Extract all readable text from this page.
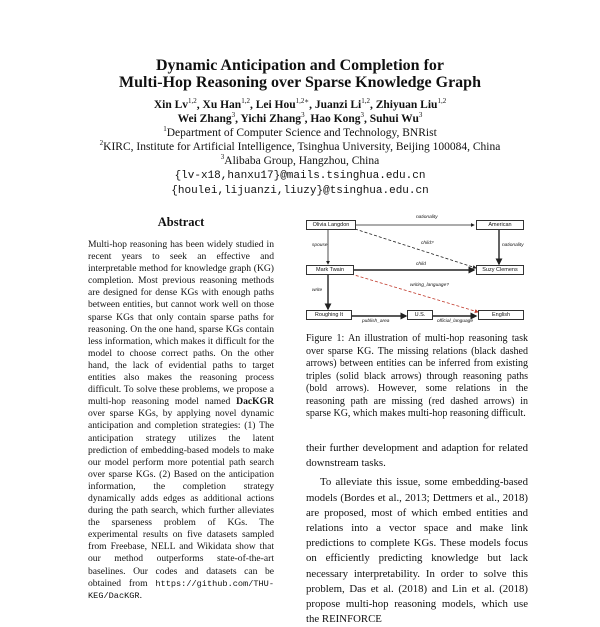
Dynamic Anticipation and Completion for
Multi-Hop Reasoning over Sparse Knowledge Graph
Xin Lv$^{1,2}$, Xu Han$^{1,2}$, Lei Hou$^{1,2∗}$, Juanzi Li$^{1,2}$, Zhiyuan Liu$^{1,2}$
Wei Zhang$^3$, Yichi Zhang$^3$, Hao Kong$^3$, Suhui Wu$^3$
$^1$Department of Computer Science and Technology, BNRist
$^2$KIRC, Institute for Artificial Intelligence, Tsinghua University, Beijing 100084, China
$^3$Alibaba Group, Hangzhou, China
{lv-x18,hanxu17}@mails.tsinghua.edu.cn
{houlei,lijuanzi,liuzy}@tsinghua.edu.cn
Abstract

Multi-hop reasoning has been widely studied in recent years to seek an effective and interpretable method for knowledge graph (KG) completion. Most previous reasoning methods are designed for dense KGs with enough paths between entities, but cannot work well on those sparse KGs that only contain sparse paths for reasoning. On the one hand, sparse KGs contain less information, which makes it difficult for the model to choose correct paths. On the other hand, the lack of evidential paths to target entities also makes the reasoning process difficult. To solve these problems, we propose a multi-hop reasoning model named DacKGR over sparse KGs, by applying novel dynamic anticipation and completion strategies: (1) The anticipation strategy utilizes the latent prediction of embedding-based models to make our model perform more potential path search over sparse KGs. (2) Based on the anticipation information, the completion strategy dynamically adds edges as additional actions during the path search, which further alleviates the sparseness problem of KGs. The experimental results on five datasets sampled from Freebase, NELL and Wikidata show that our method outperforms state-of-the-art baselines. Our codes and datasets can be obtained from https://github.com/THU-KEG/DacKGR.

Olivia Langdon	American
Mark Twain	Suzy Clemens
Roughing It	U.S.	English
nationality
spouse	child?	nationality
child
writing_language?
write
publish_area	official_language
Figure 1: An illustration of multi-hop reasoning task over sparse KG. The missing relations (black dashed arrows) between entities can be inferred from existing triples (solid black arrows) through reasoning paths (bold arrows). However, some relations in the reasoning path are missing (red dashed arrows) in sparse KG, which makes multi-hop reasoning difficult.

their further development and adaption for related downstream tasks.

To alleviate this issue, some embedding-based models (Bordes et al., 2013; Dettmers et al., 2018) are proposed, most of which embed entities and relations into a vector space and make link predictions to complete KGs. These models focus on efficiently predicting knowledge but lack necessary interpretability. In order to solve this problem, Das et al. (2018) and Lin et al. (2018) propose multi-hop reasoning models, which use the REINFORCE
